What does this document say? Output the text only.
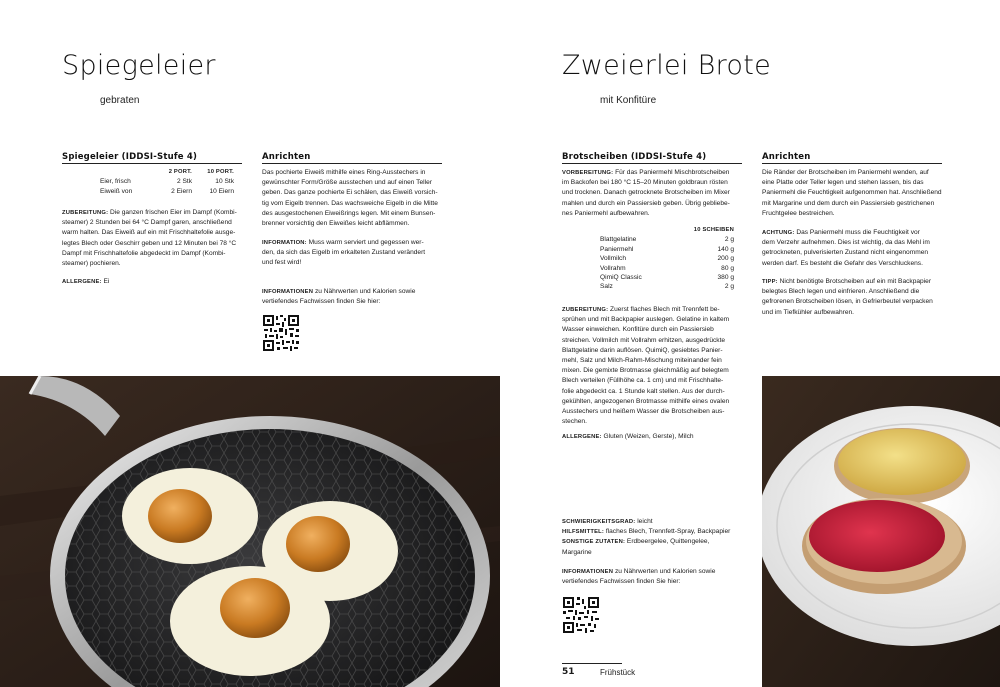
Spiegeleier
gebraten
Spiegeleier (IDDSI-Stufe 4)
	2 PORT.	10 PORT.
Eier, frisch	2 Stk	10 Stk
Eiweiß von	2 Eiern	10 Eiern
ZUBEREITUNG: Die ganzen frischen Eier im Dampf (Kombi-
steamer) 2 Stunden bei 64 °C Dampf garen, anschließend
warm halten. Das Eiweiß auf ein mit Frischhaltefolie ausge-
legtes Blech oder Geschirr geben und 12 Minuten bei 78 °C
Dampf mit Frischhaltefolie abgedeckt im Dampf (Kombi-
steamer) pochieren.
ALLERGENE: Ei
Anrichten
Das pochierte Eiweiß mithilfe eines Ring-Ausstechers in
gewünschter Form/Größe ausstechen und auf einen Teller
geben. Das ganze pochierte Ei schälen, das Eiweiß vorsich-
tig vom Eigelb trennen. Das wachsweiche Eigelb in die Mitte
des ausgestochenen Eiweißrings legen. Mit einem Bunsen-
brenner vorsichtig den Eiweißes leicht abflämmen.
INFORMATION: Muss warm serviert und gegessen wer-
den, da sich das Eigelb im erkalteten Zustand verändert
und fest wird!
INFORMATIONEN zu Nährwerten und Kalorien sowie
vertiefendes Fachwissen finden Sie hier:
Zweierlei Brote
mit Konfitüre
Brotscheiben (IDDSI-Stufe 4)
VORBEREITUNG: Für das Paniermehl Mischbrotscheiben
im Backofen bei 180 °C 15–20 Minuten goldbraun rösten
und trocknen. Danach getrocknete Brotscheiben im Mixer
mahlen und durch ein Passiersieb geben. Übrig gebliebe-
nes Paniermehl aufbewahren.
	10 SCHEIBEN
Blattgelatine	2 g
Paniermehl	140 g
Vollmilch	200 g
Vollrahm	80 g
QimiQ Classic	380 g
Salz	2 g
ZUBEREITUNG: Zuerst flaches Blech mit Trennfett be-
sprühen und mit Backpapier auslegen. Gelatine in kaltem
Wasser einweichen. Konfitüre durch ein Passiersieb
streichen. Vollmilch mit Vollrahm erhitzen, ausgedrückte
Blattgelatine darin auflösen. QuimiQ, gesiebtes Panier-
mehl, Salz und Milch-Rahm-Mischung miteinander fein
mixen. Die gemixte Brotmasse gleichmäßig auf belegtem
Blech verteilen (Füllhöhe ca. 1 cm) und mit Frischhalte-
folie abgedeckt ca. 1 Stunde kalt stellen. Aus der durch-
gekühlten, angezogenen Brotmasse mithilfe eines ovalen
Ausstechers und heißem Wasser die Brotscheiben aus-
stechen.
ALLERGENE: Gluten (Weizen, Gerste), Milch
SCHWIERIGKEITSGRAD: leicht
HILFSMITTEL: flaches Blech, Trennfett-Spray, Backpapier
SONSTIGE ZUTATEN: Erdbeergelee, Quittengelee,
Margarine
INFORMATIONEN zu Nährwerten und Kalorien sowie
vertiefendes Fachwissen finden Sie hier:
51	Frühstück
Anrichten
Die Ränder der Brotscheiben im Paniermehl wenden, auf
eine Platte oder Teller legen und stehen lassen, bis das
Paniermehl die Feuchtigkeit aufgenommen hat. Anschließend
mit Margarine und dem durch ein Passiersieb gestrichenen
Fruchtgelee bestreichen.
ACHTUNG: Das Paniermehl muss die Feuchtigkeit vor
dem Verzehr aufnehmen. Dies ist wichtig, da das Mehl im
getrockneten, pulverisierten Zustand nicht eingenommen
werden darf. Es besteht die Gefahr des Verschluckens.
TIPP: Nicht benötigte Brotscheiben auf ein mit Backpapier
belegtes Blech legen und einfrieren. Anschließend die
gefrorenen Brotscheiben lösen, in Gefrierbeutel verpacken
und im Tiefkühler aufbewahren.
